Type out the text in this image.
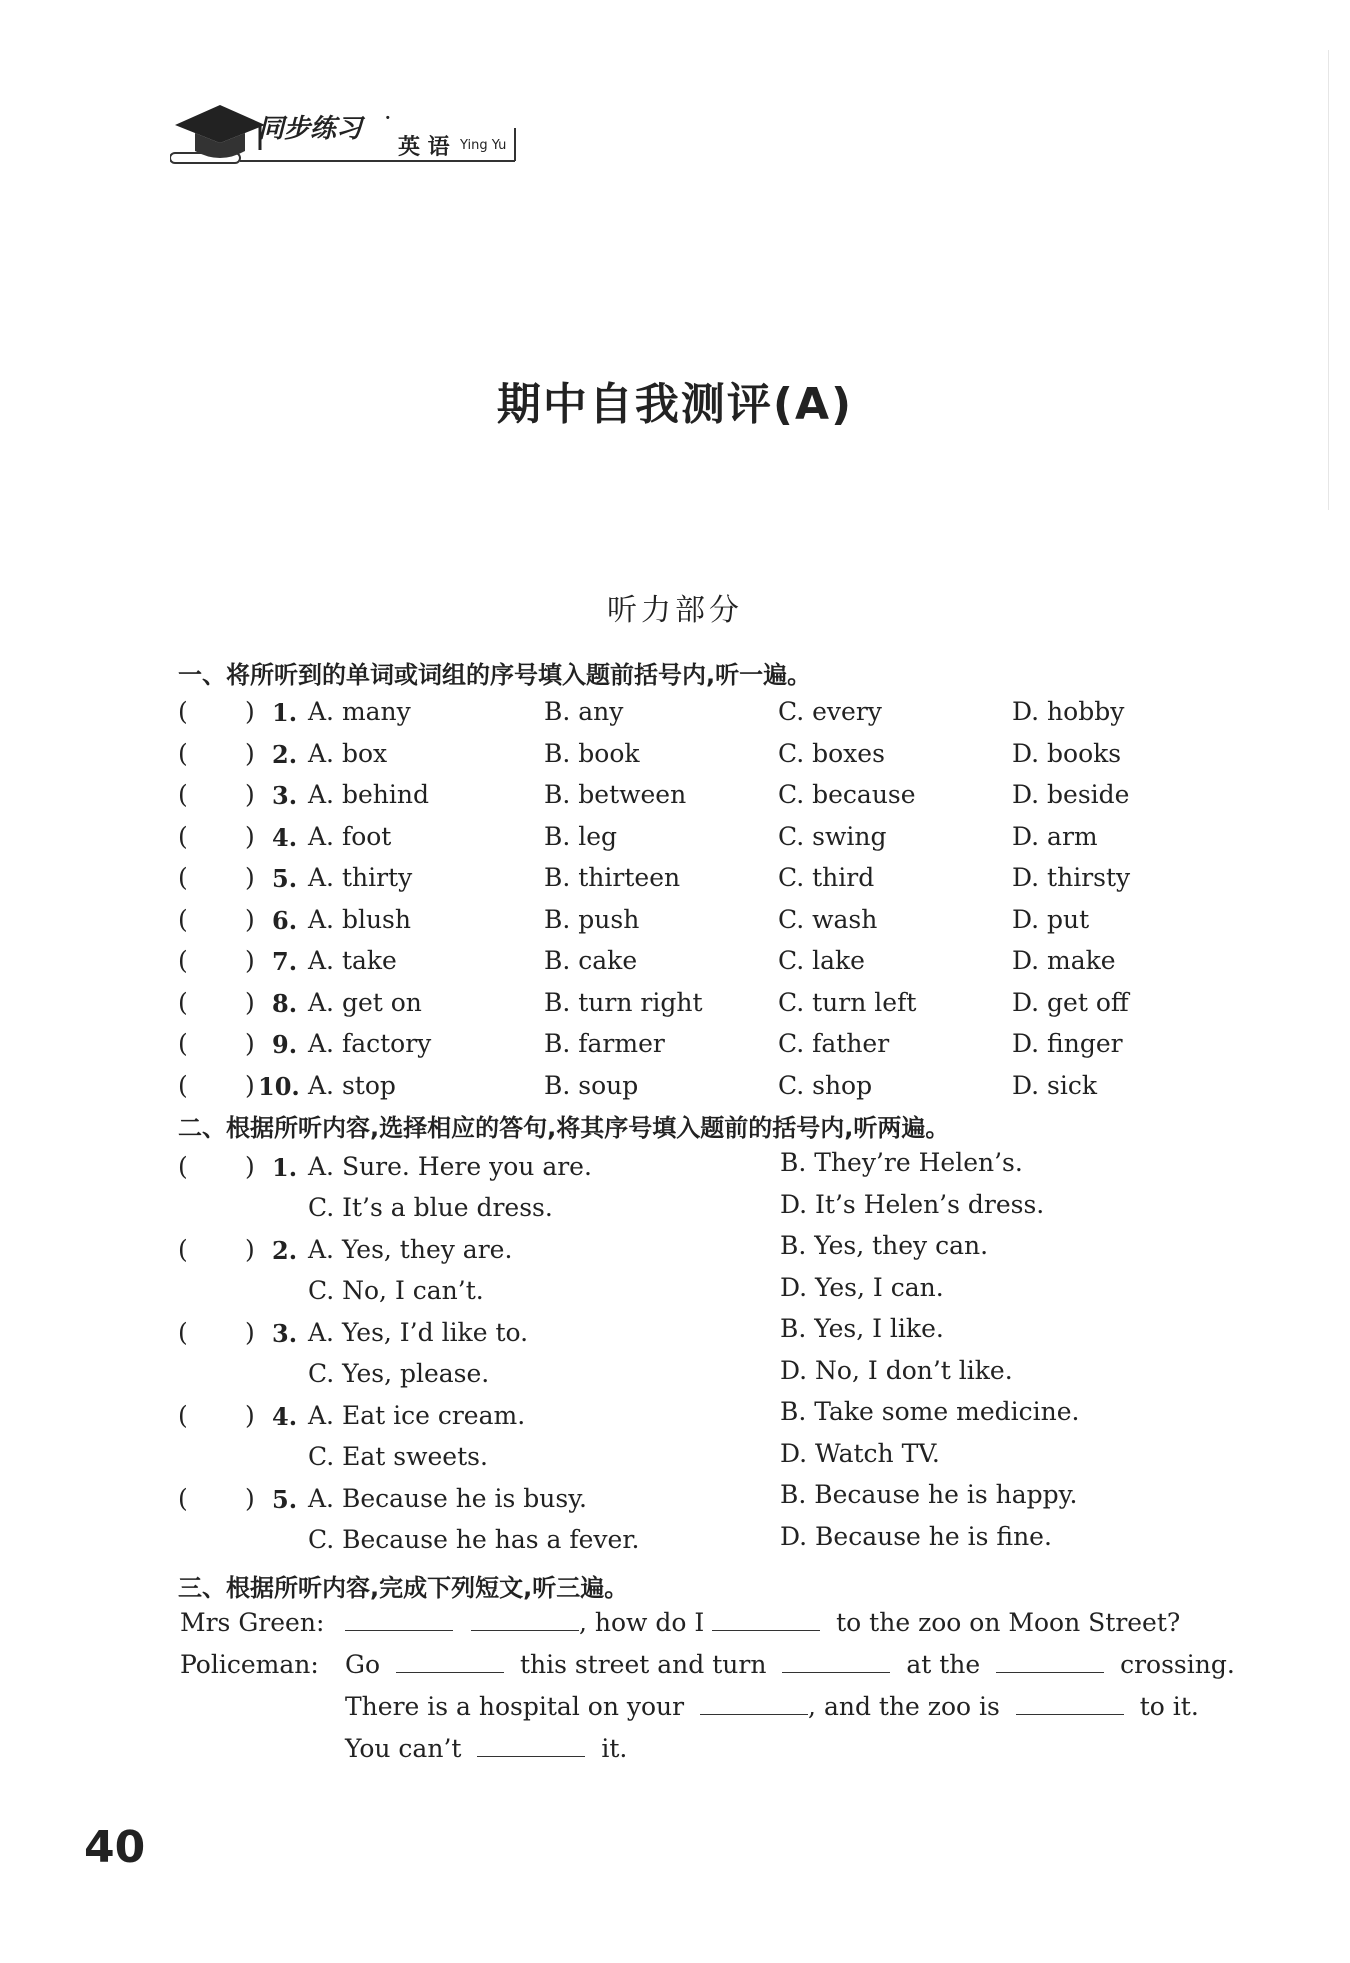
同步练习 ·
英 语 Ying Yu
期中自我测评(A)
听力部分
一、将所听到的单词或词组的序号填入题前括号内,听一遍。
( ) 1. A. many	B. any	C. every	D. hobby
( ) 2. A. box	B. book	C. boxes	D. books
( ) 3. A. behind	B. between	C. because	D. beside
( ) 4. A. foot	B. leg	C. swing	D. arm
( ) 5. A. thirty	B. thirteen	C. third	D. thirsty
( ) 6. A. blush	B. push	C. wash	D. put
( ) 7. A. take	B. cake	C. lake	D. make
( ) 8. A. get on	B. turn right	C. turn left	D. get off
( ) 9. A. factory	B. farmer	C. father	D. finger
( ) 10. A. stop	B. soup	C. shop	D. sick
二、根据所听内容,选择相应的答句,将其序号填入题前的括号内,听两遍。
( ) 1. A. Sure. Here you are.	B. They’re Helen’s.
C. It’s a blue dress.	D. It’s Helen’s dress.
( ) 2. A. Yes, they are.	B. Yes, they can.
C. No, I can’t.	D. Yes, I can.
( ) 3. A. Yes, I’d like to.	B. Yes, I like.
C. Yes, please.	D. No, I don’t like.
( ) 4. A. Eat ice cream.	B. Take some medicine.
C. Eat sweets.	D. Watch TV.
( ) 5. A. Because he is busy.	B. Because he is happy.
C. Because he has a fever.	D. Because he is fine.
三、根据所听内容,完成下列短文,听三遍。
Mrs Green:	, how do I	to the zoo on Moon Street?
Policeman: Go	this street and turn	at the	crossing.
There is a hospital on your	, and the zoo is	to it.
You can’t	it.
40
